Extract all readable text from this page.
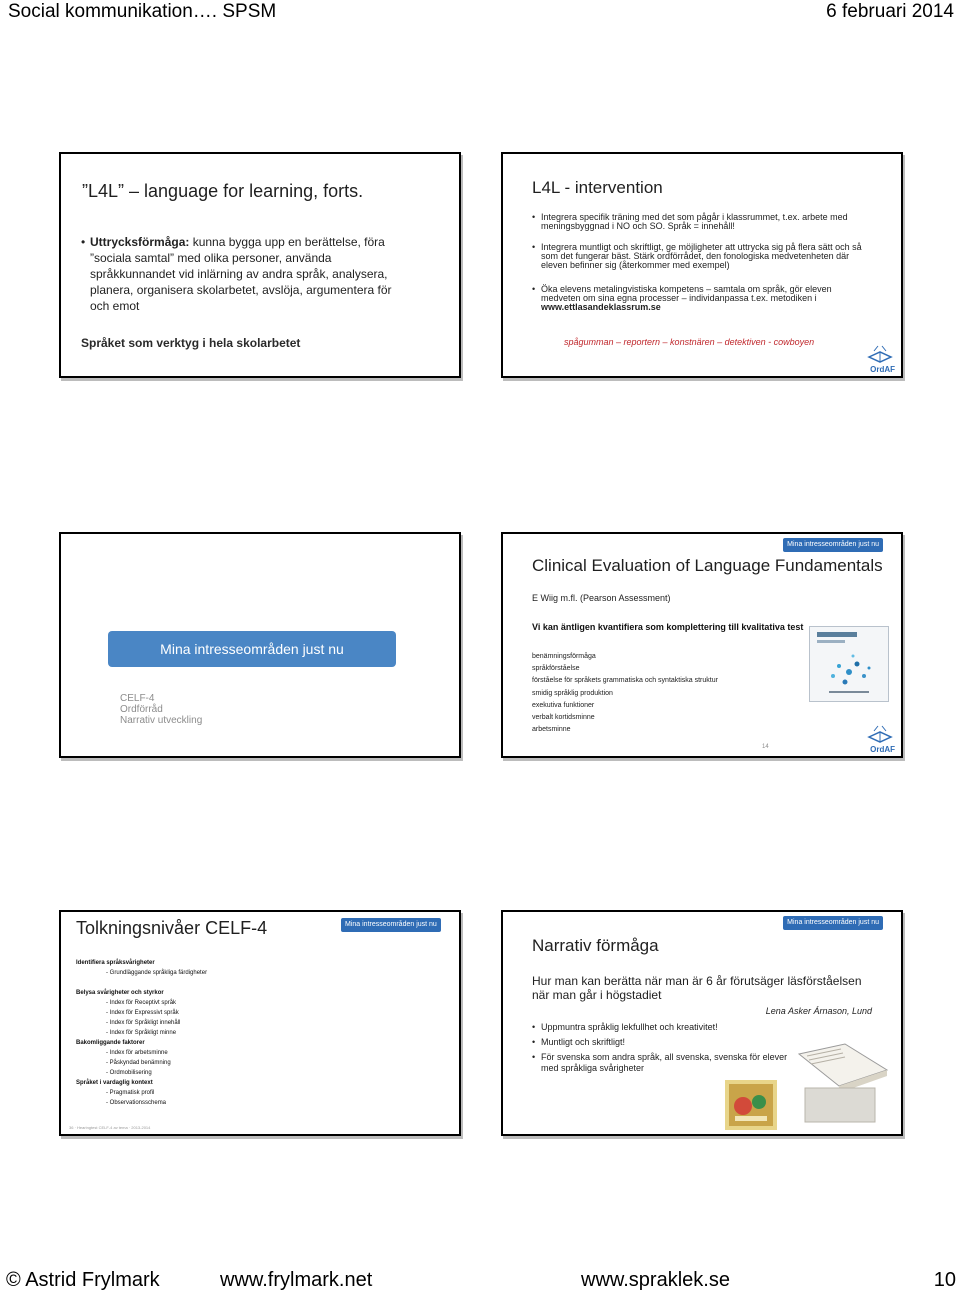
Social kommunikation…. SPSM	6 februari 2014
”L4L” – language for learning, forts.
• Uttrycksförmåga: kunna bygga upp en berättelse, föra ”sociala samtal” med olika personer, använda språkkunnandet vid inlärning av andra språk, analysera, planera, organisera skolarbetet, avslöja, argumentera för och emot
Språket som verktyg i hela skolarbetet
L4L - intervention
• Integrera specifik träning med det som pågår i klassrummet, t.ex. arbete med meningsbyggnad i NO och SO. Språk = innehåll!
• Integrera muntligt och skriftligt, ge möjligheter att uttrycka sig på flera sätt och så som det fungerar bäst. Stärk ordförrådet, den fonologiska medvetenheten där eleven befinner sig (återkommer med exempel)
• Öka elevens metalingvistiska kompetens – samtala om språk, gör eleven medveten om sina egna processer – individanpassa t.ex. metodiken i www.ettlasandeklassrum.se
spågumman – reportern – konstnären – detektiven - cowboyen
OrdAF
Mina intresseområden just nu
CELF-4
Ordförråd
Narrativ utveckling
Mina intresseområden just nu
Clinical Evaluation of Language Fundamentals
E Wiig m.fl. (Pearson Assessment)
Vi kan äntligen kvantifiera som komplettering till kvalitativa test
benämningsförmåga
språkförståelse
förståelse för språkets grammatiska och syntaktiska struktur
smidig språklig produktion
exekutiva funktioner
verbalt kortidsminne
arbetsminne
14	OrdAF
Tolkningsnivåer CELF-4	Mina intresseområden just nu
Identifiera språksvårigheter
- Grundläggande språkliga färdigheter
Belysa svårigheter och styrkor
- Index för Receptivt språk
- Index för Expressivt språk
- Index för Språkligt innehåll
- Index för Språkligt minne
Bakomliggande faktorer
- Index för arbetsminne
- Påskyndad benämning
- Ordmobilisering
Språket i vardaglig kontext
- Pragmatisk profil
- Observationsschema
36 · Hearingtest CELF-4 av tema · 2013-2014
Mina intresseområden just nu
Narrativ förmåga
Hur man kan berätta när man är 6 år förutsäger läsförståelsen när man går i högstadiet
Lena Asker Árnason, Lund
• Uppmuntra språklig lekfullhet och kreativitet!
• Muntligt och skriftligt!
• För svenska som andra språk, all svenska, svenska för elever med språkliga svårigheter
© Astrid Frylmark	www.frylmark.net	www.spraklek.se	10
